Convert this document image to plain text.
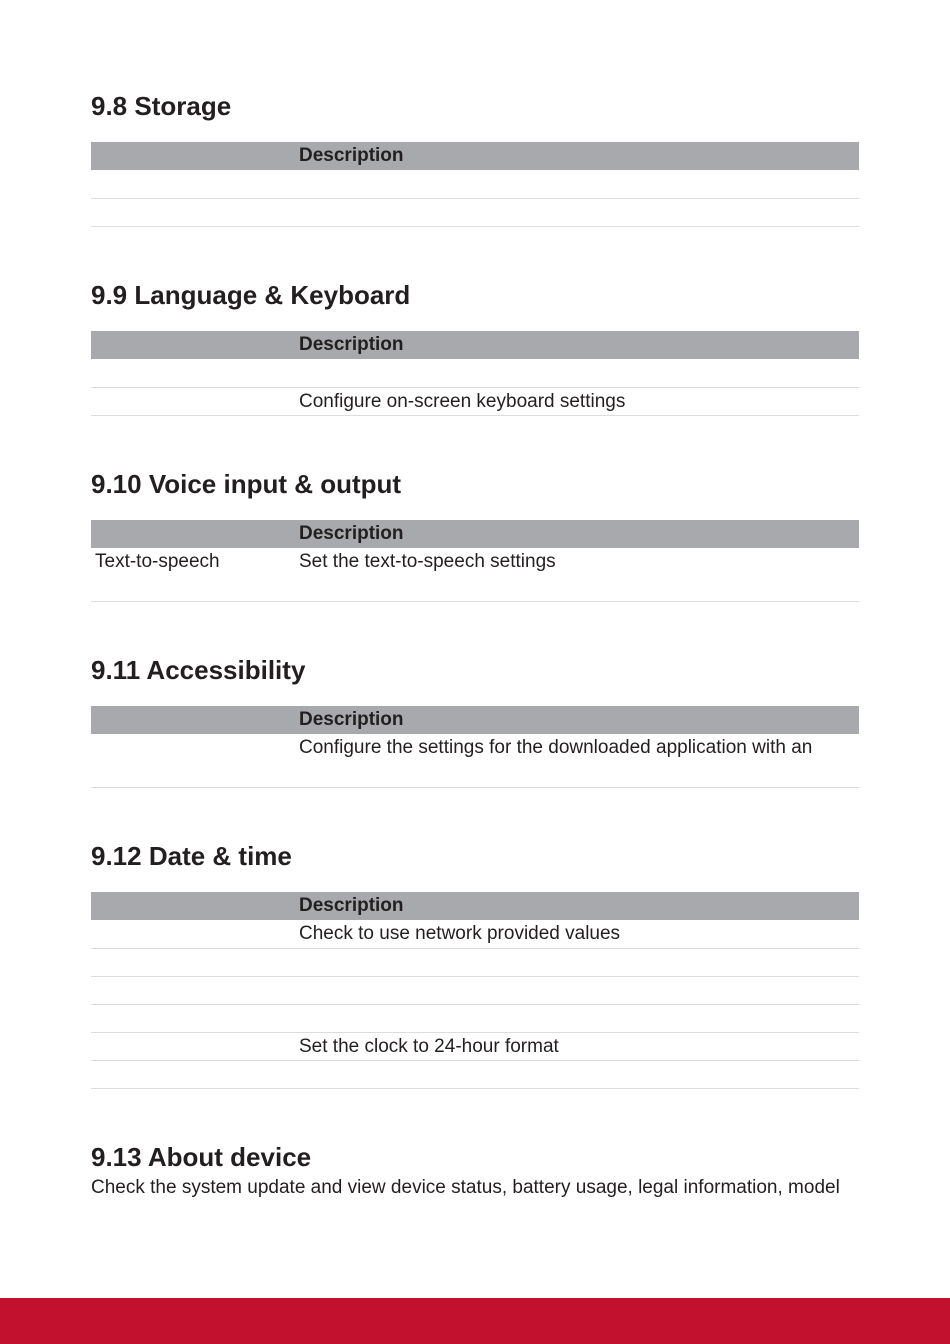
9.8 Storage
Description
9.9 Language & Keyboard
Description
Configure on-screen keyboard settings
9.10 Voice input & output
Description
Text-to-speech	Set the text-to-speech settings
9.11 Accessibility
Description
Configure the settings for the downloaded application with an
9.12 Date & time
Description
Check to use network provided values
Set the clock to 24-hour format
9.13 About device
Check the system update and view device status, battery usage, legal information, model
